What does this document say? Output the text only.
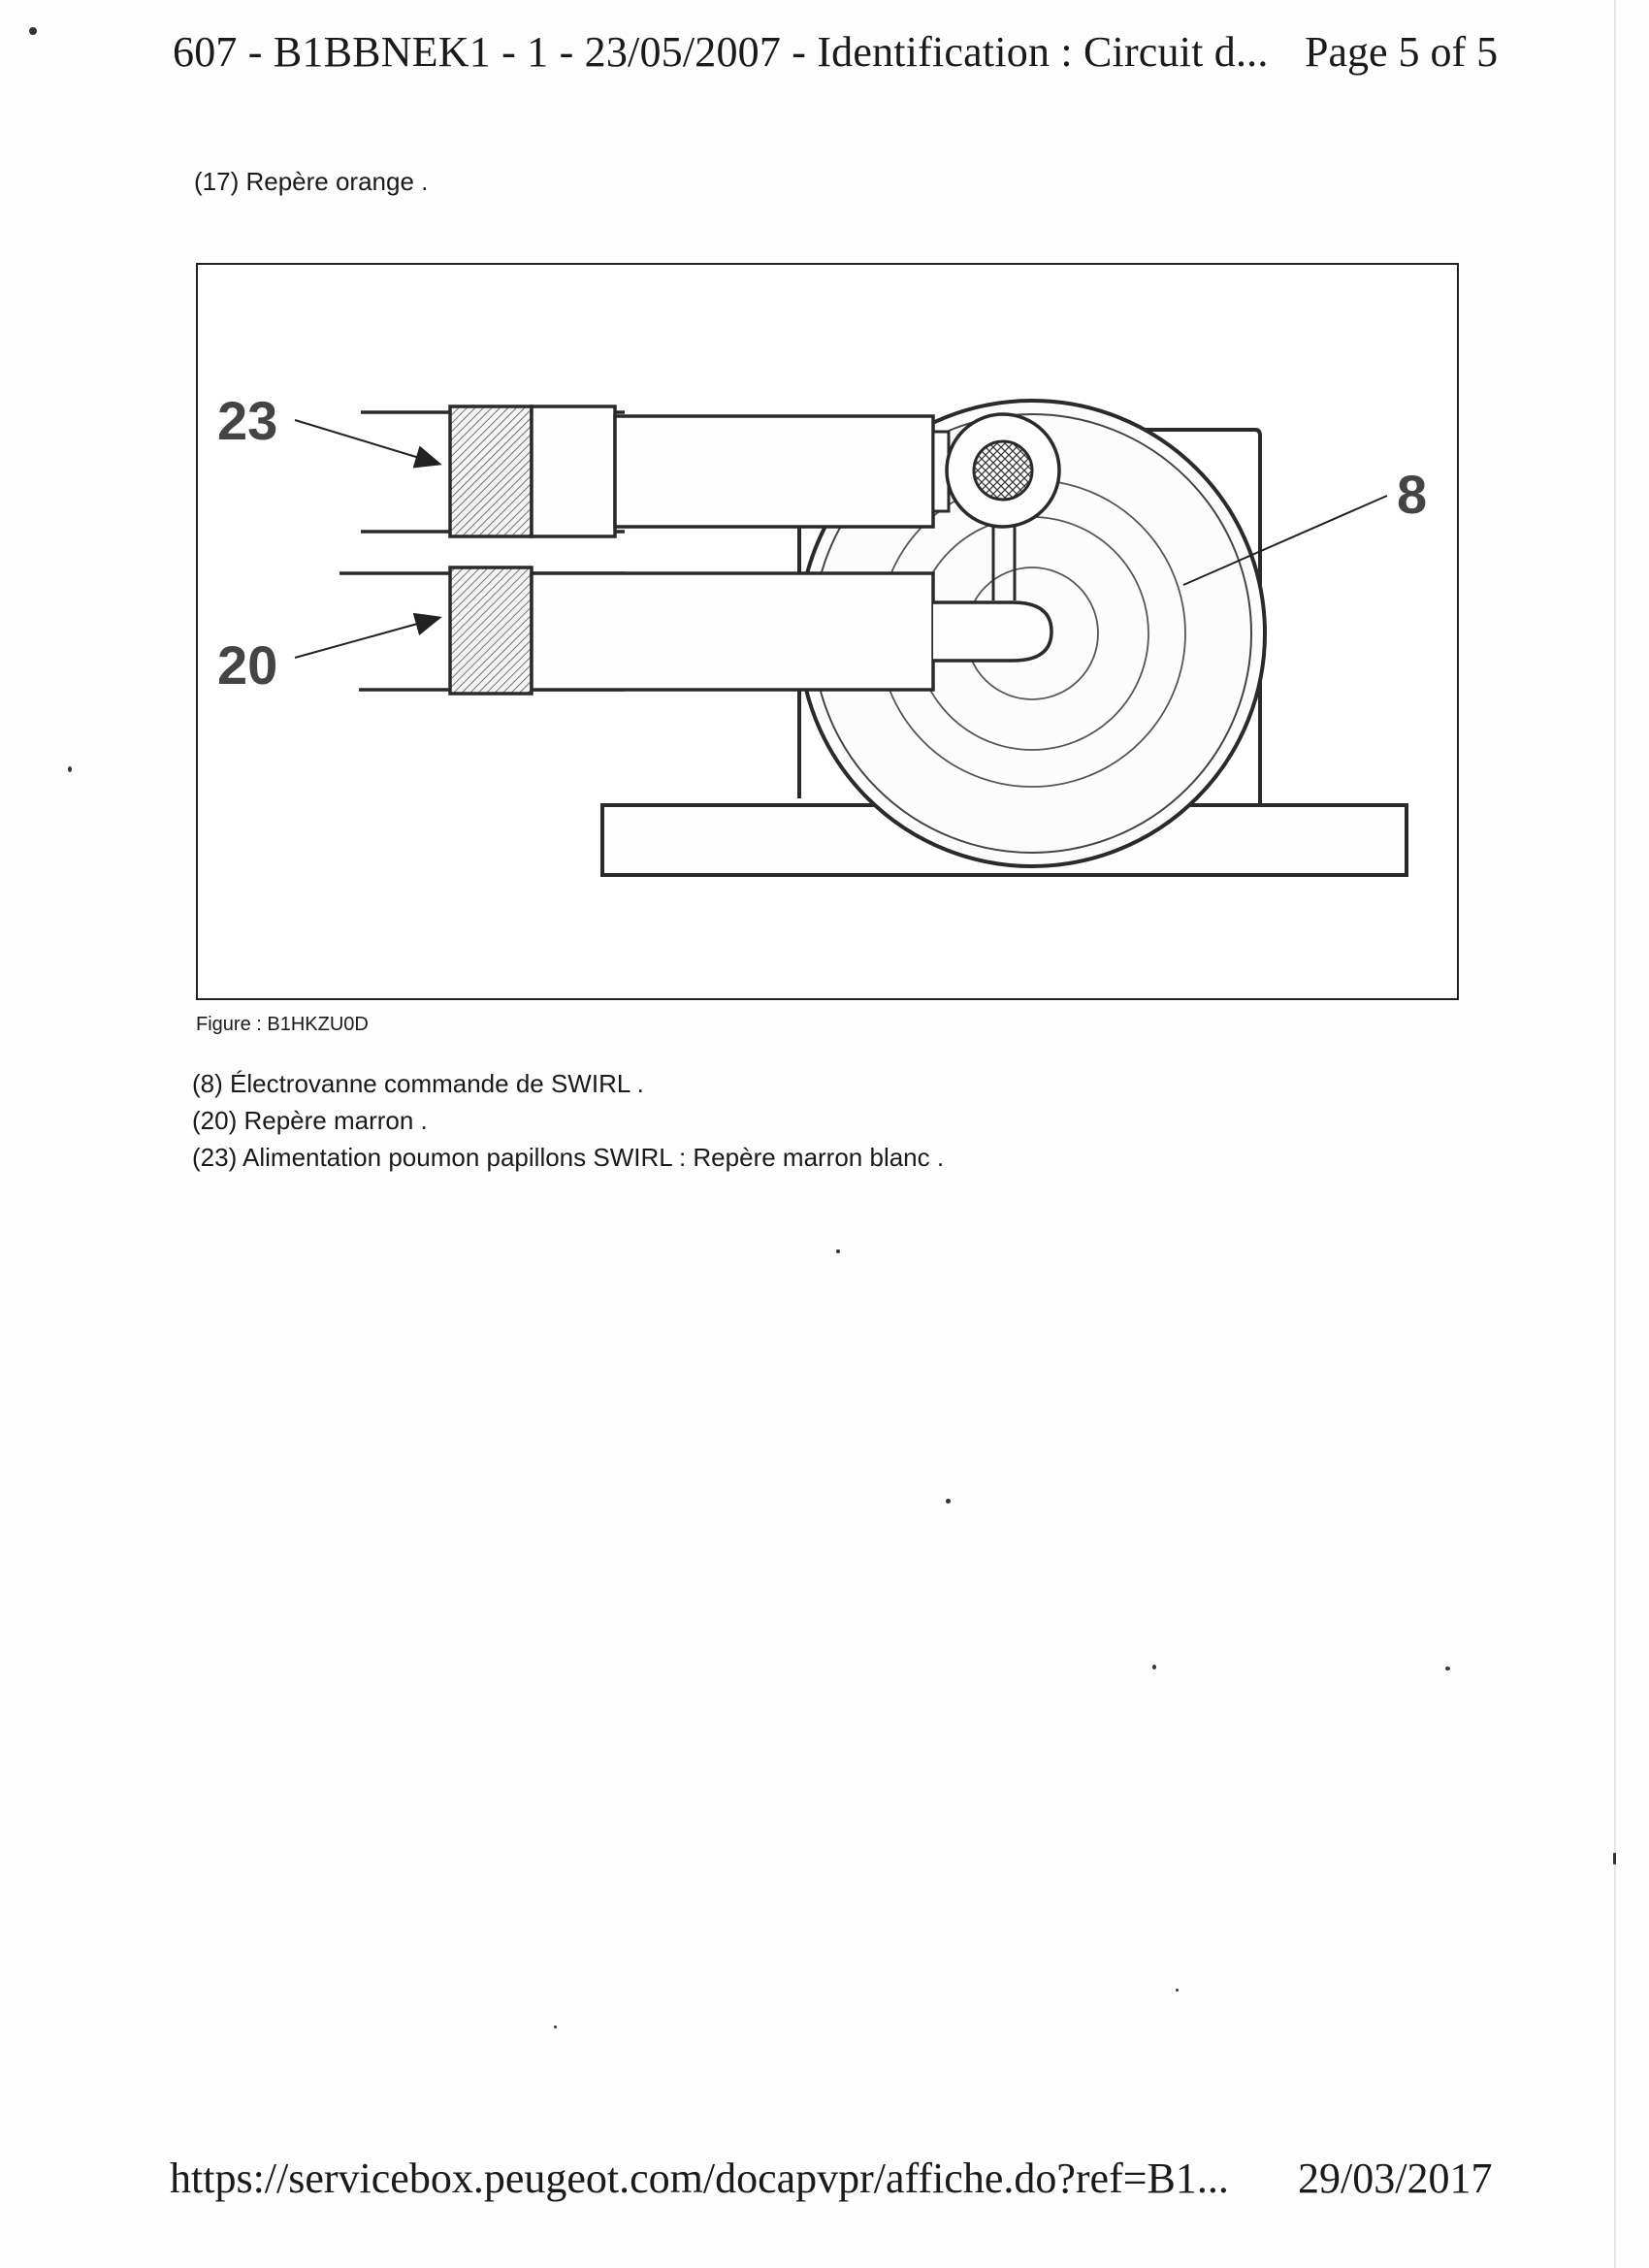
607 - B1BBNEK1 - 1 - 23/05/2007 - Identification : Circuit d... Page 5 of 5
(17) Repère orange .
23
20
8
Figure : B1HKZU0D
(8) Électrovanne commande de SWIRL .
(20) Repère marron .
(23) Alimentation poumon papillons SWIRL : Repère marron blanc .
https://servicebox.peugeot.com/docapvpr/affiche.do?ref=B1... 29/03/2017
